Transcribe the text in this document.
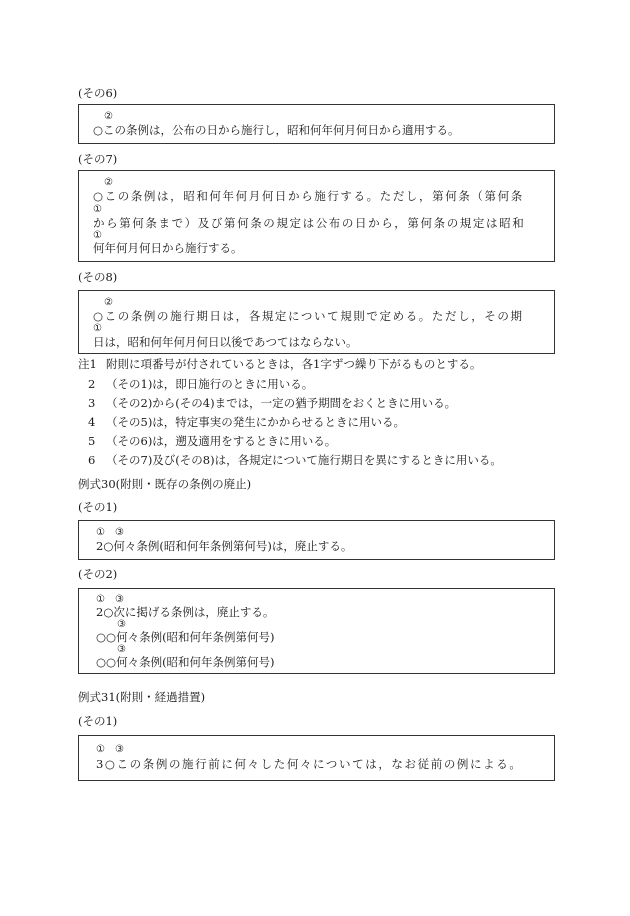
(その6)
②
○この条例は，公布の日から施行し，昭和何年何月何日から適用する。
(その7)
②
○この条例は，昭和何年何月何日から施行する。ただし，第何条（第何条
①
から第何条まで）及び第何条の規定は公布の日から，第何条の規定は昭和
①
何年何月何日から施行する。
(その8)
②
○この条例の施行期日は，各規定について規則で定める。ただし，その期
①
日は，昭和何年何月何日以後であつてはならない。
注1 附則に項番号が付されているときは，各1字ずつ繰り下がるものとする。
2 （その1)は，即日施行のときに用いる。
3 （その2)から(その4)までは，一定の猶予期間をおくときに用いる。
4 （その5)は，特定事実の発生にかからせるときに用いる。
5 （その6)は，遡及適用をするときに用いる。
6 （その7)及び(その8)は，各規定について施行期日を異にするときに用いる。
例式30(附則・既存の条例の廃止)
(その1)
①　③
2○何々条例(昭和何年条例第何号)は，廃止する。
(その2)
①　③
2○次に掲げる条例は，廃止する。
③
○○何々条例(昭和何年条例第何号)
③
○○何々条例(昭和何年条例第何号)
例式31(附則・経過措置)
(その1)
①　③
3○この条例の施行前に何々した何々については，なお従前の例による。
